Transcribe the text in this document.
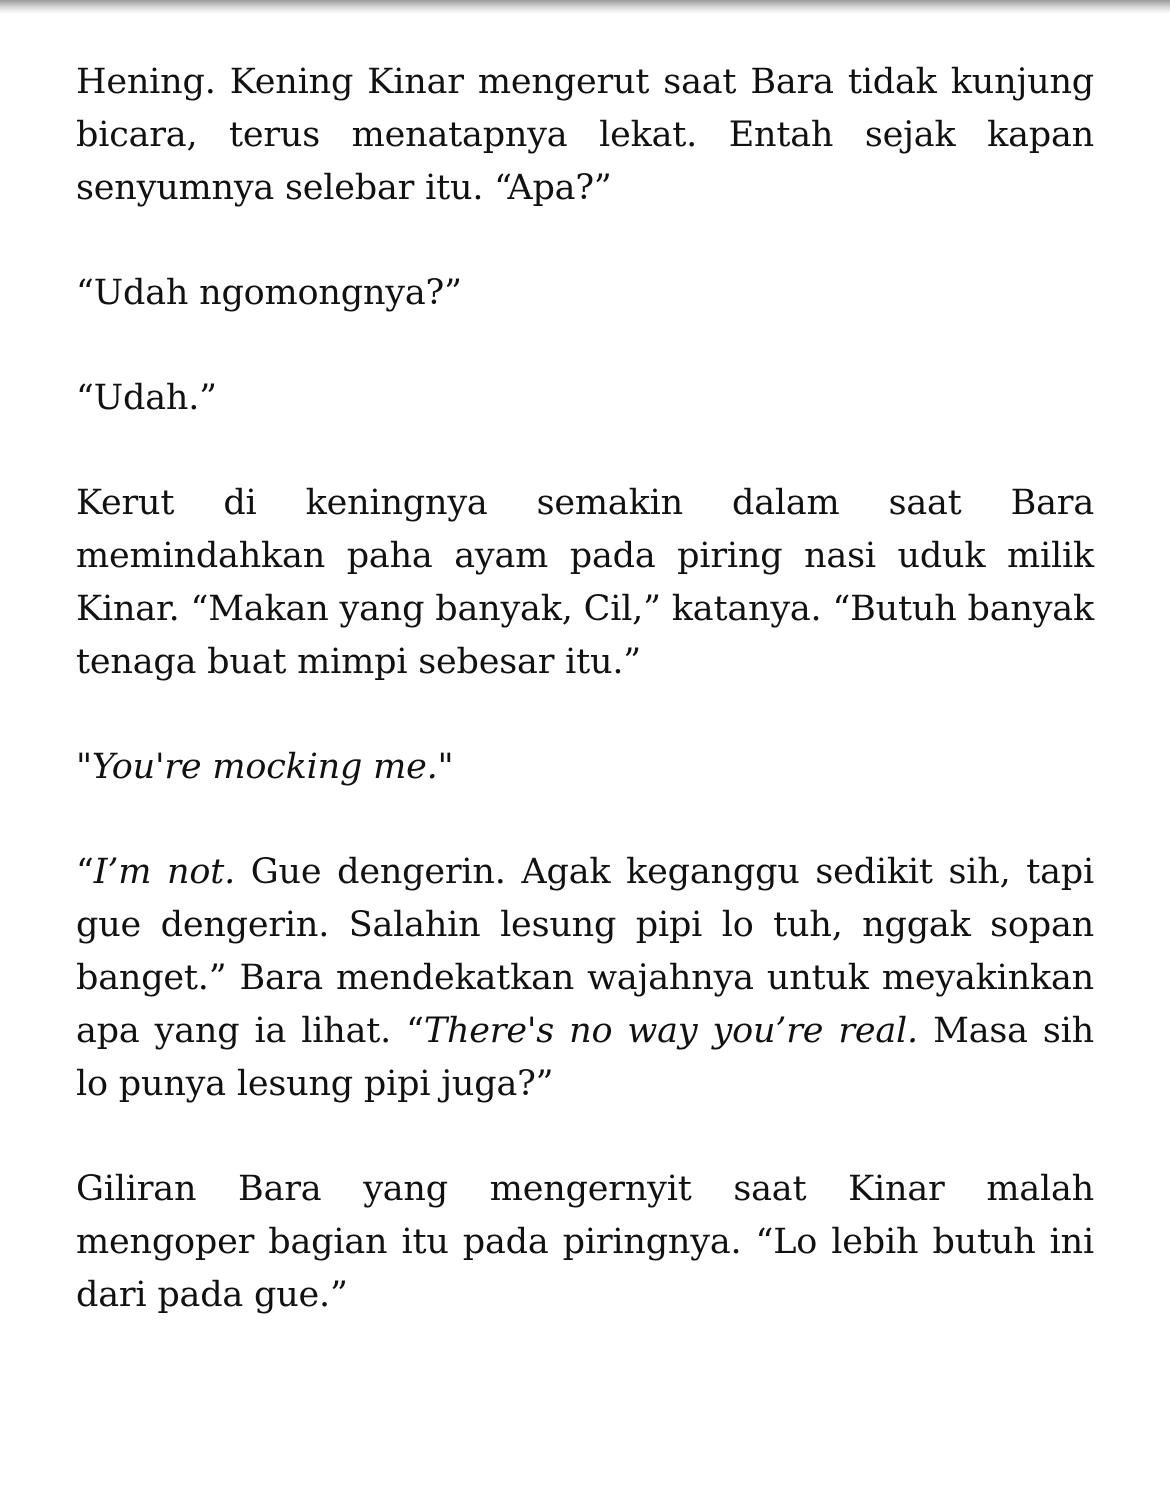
Hening. Kening Kinar mengerut saat Bara tidak kunjung bicara, terus menatapnya lekat. Entah sejak kapan senyumnya selebar itu. “Apa?”

“Udah ngomongnya?”

“Udah.”

Kerut di keningnya semakin dalam saat Bara memindahkan paha ayam pada piring nasi uduk milik Kinar. “Makan yang banyak, Cil,” katanya. “Butuh banyak tenaga buat mimpi sebesar itu.”

"You're mocking me."

“I’m not. Gue dengerin. Agak keganggu sedikit sih, tapi gue dengerin. Salahin lesung pipi lo tuh, nggak sopan banget.” Bara mendekatkan wajahnya untuk meyakinkan apa yang ia lihat. “There's no way you’re real. Masa sih lo punya lesung pipi juga?”

Giliran Bara yang mengernyit saat Kinar malah mengoper bagian itu pada piringnya. “Lo lebih butuh ini dari pada gue.”
